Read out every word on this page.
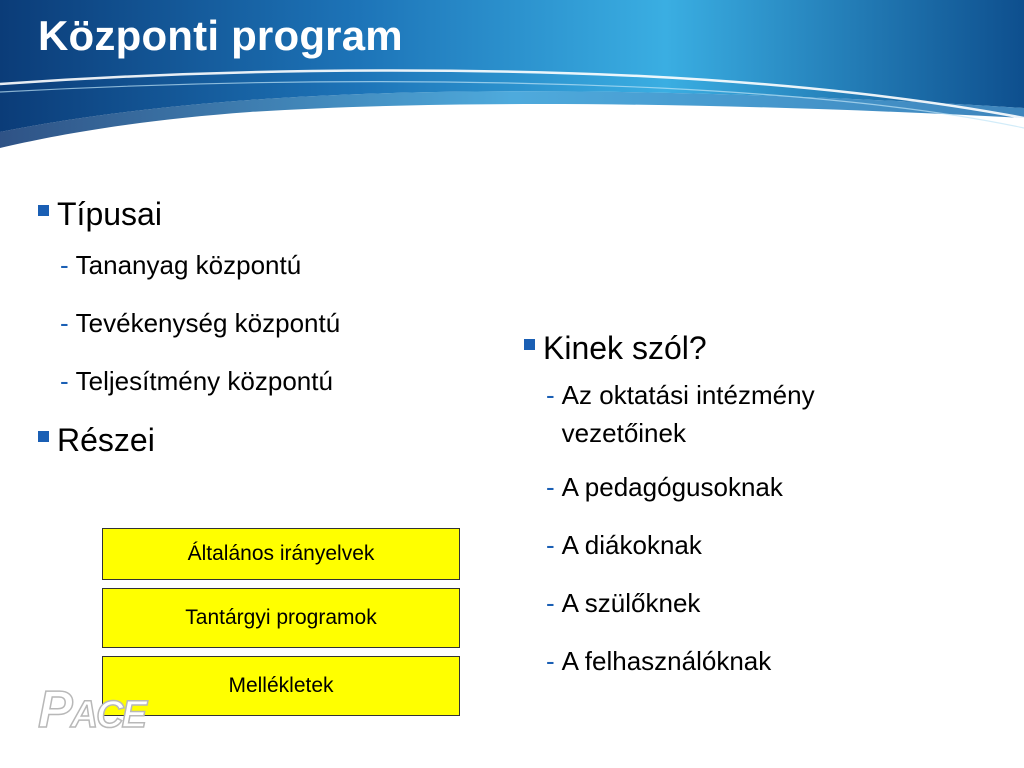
Központi program
Típusai
- Tananyag központú
- Tevékenység központú
- Teljesítmény központú
Részei
Általános irányelvek
Tantárgyi programok
Mellékletek
Kinek szól?
- Az oktatási intézmény vezetőinek
- A pedagógusoknak
- A diákoknak
- A szülőknek
- A felhasználóknak
PACE
